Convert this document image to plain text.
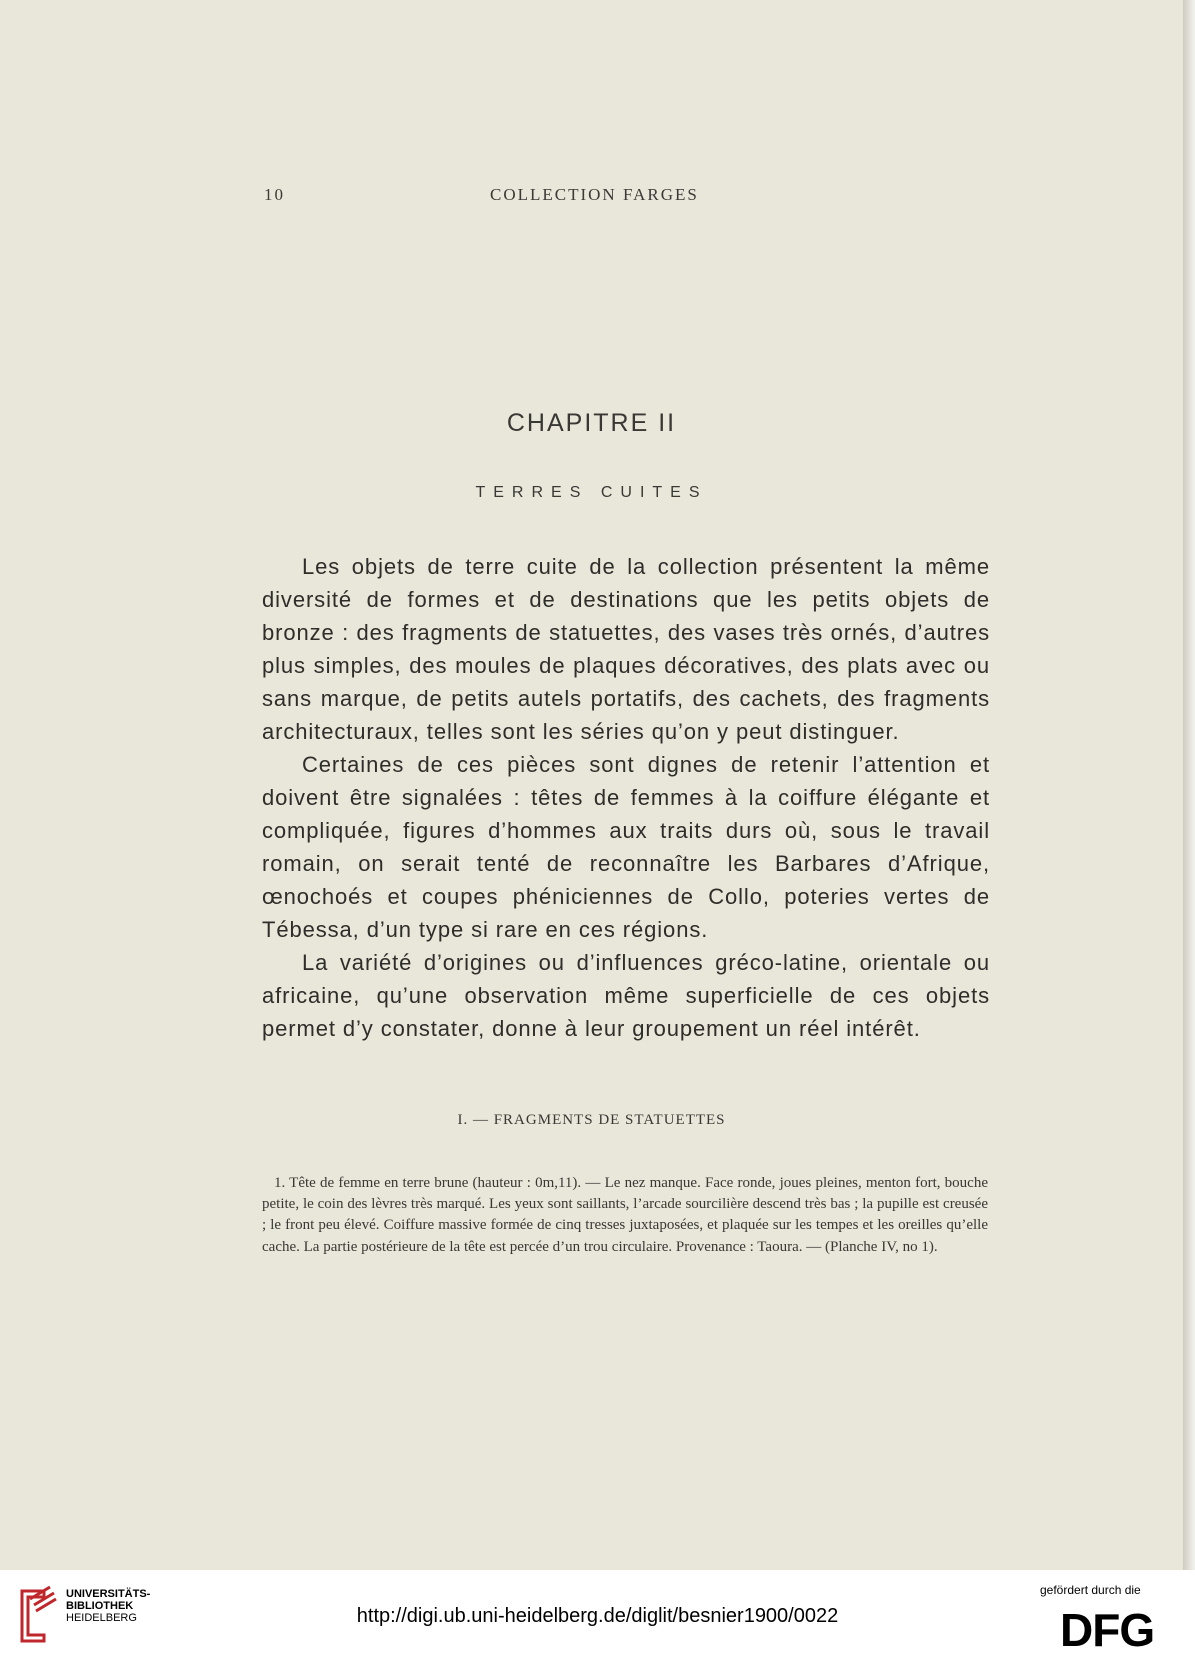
10	COLLECTION FARGES
CHAPITRE II
TERRES CUITES

Les objets de terre cuite de la collection présentent la même diversité de formes et de destinations que les petits objets de bronze : des fragments de statuettes, des vases très ornés, d’autres plus simples, des moules de plaques décoratives, des plats avec ou sans marque, de petits autels portatifs, des cachets, des fragments architecturaux, telles sont les séries qu’on y peut distinguer.

Certaines de ces pièces sont dignes de retenir l’attention et doivent être signalées : têtes de femmes à la coiffure élégante et compliquée, figures d’hommes aux traits durs où, sous le travail romain, on serait tenté de reconnaître les Barbares d’Afrique, œnochoés et coupes phéniciennes de Collo, poteries vertes de Tébessa, d’un type si rare en ces régions.

La variété d’origines ou d’influences gréco-latine, orientale ou africaine, qu’une observation même superficielle de ces objets permet d’y constater, donne à leur groupement un réel intérêt.

I. — FRAGMENTS DE STATUETTES

1. Tête de femme en terre brune (hauteur : 0m,11). — Le nez manque. Face ronde, joues pleines, menton fort, bouche petite, le coin des lèvres très marqué. Les yeux sont saillants, l’arcade sourcilière descend très bas ; la pupille est creusée ; le front peu élevé. Coiffure massive formée de cinq tresses juxtaposées, et plaquée sur les tempes et les oreilles qu’elle cache. La partie postérieure de la tête est percée d’un trou circulaire. Provenance : Taoura. — (Planche IV, no 1).

UNIVERSITÄTS-
BIBLIOTHEK
HEIDELBERG	http://digi.ub.uni-heidelberg.de/diglit/besnier1900/0022
gefördert durch die
DFG
